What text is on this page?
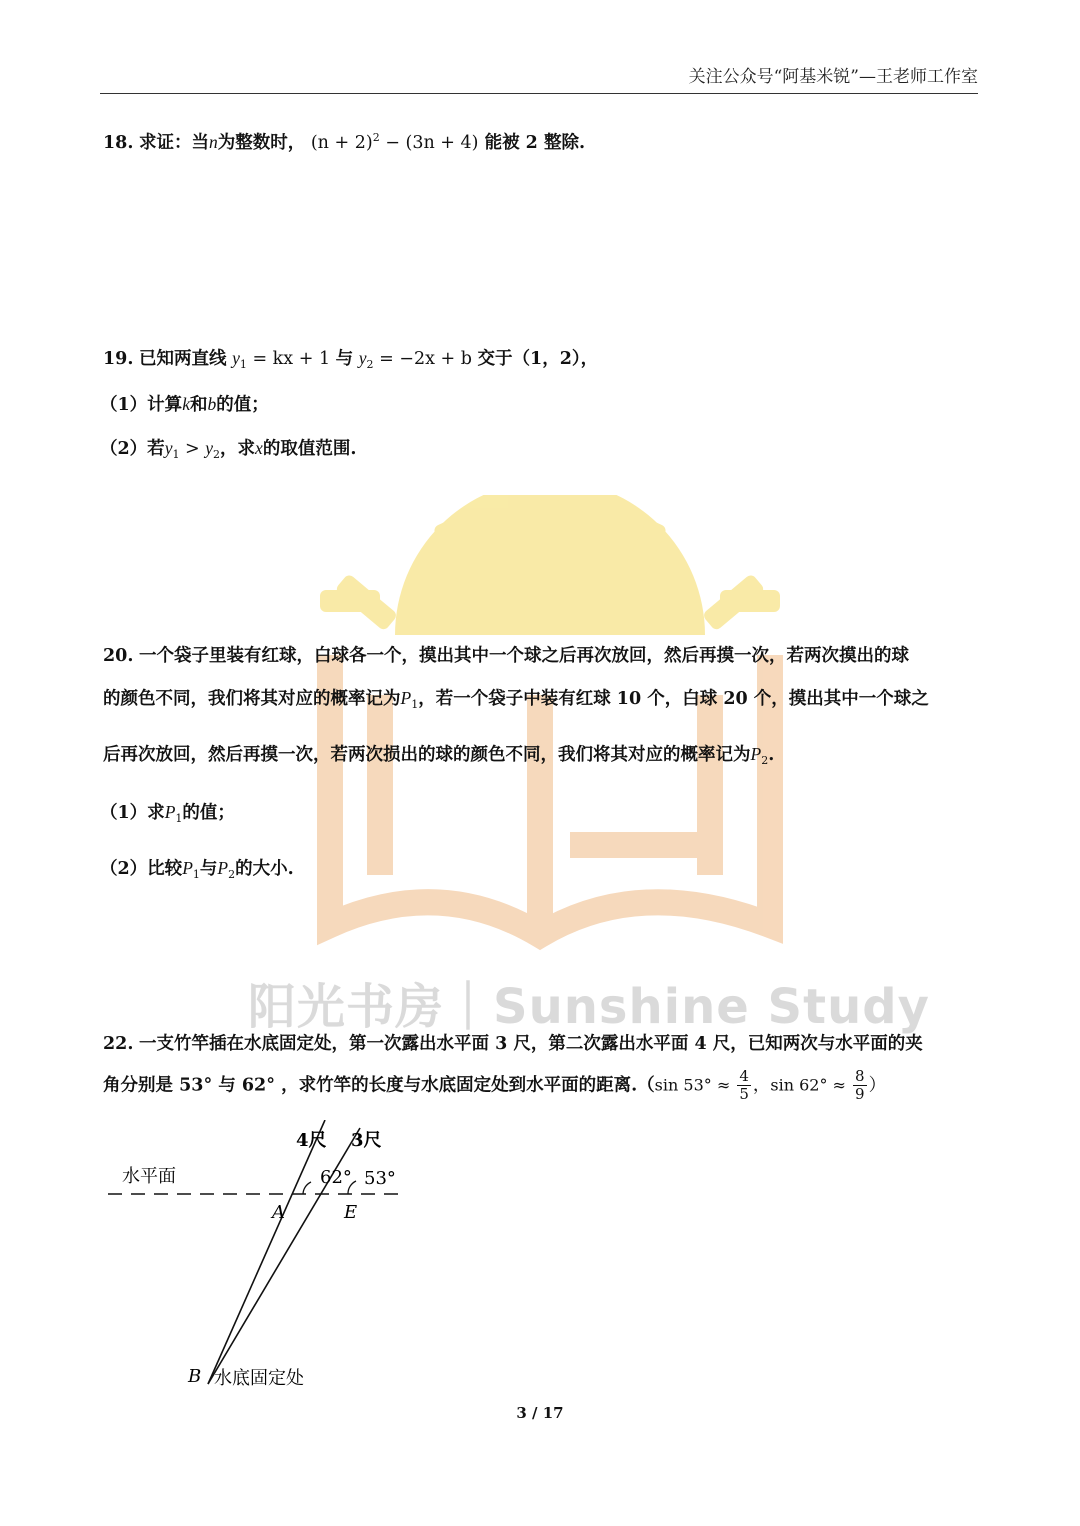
关注公众号“阿基米锐”—王老师工作室
阳光书房｜Sunshine Study
18. 求证：当n为整数时， $(n + 2)^2 - (3n + 4)$ 能被 2 整除.
19. 已知两直线 $y_1$ = kx + 1 与 $y_2 = -2x + b$ 交于（1，2），
（1）计算k和b的值；
（2）若$y_1 > y_2$，求x的取值范围.
20. 一个袋子里装有红球，白球各一个，摸出其中一个球之后再次放回，然后再摸一次，若两次摸出的球
的颜色不同，我们将其对应的概率记为$P_1$，若一个袋子中装有红球 10 个，白球 20 个，摸出其中一个球之
后再次放回，然后再摸一次，若两次损出的球的颜色不同，我们将其对应的概率记为$P_2$.
（1）求$P_1$的值；
（2）比较$P_1$与$P_2$的大小.
22. 一支竹竿插在水底固定处，第一次露出水平面 3 尺，第二次露出水平面 4 尺，已知两次与水平面的夹
角分别是 53° 与 62° ，求竹竿的长度与水底固定处到水平面的距离.（sin $53^\circ \approx \frac{4}{5}$ ，$\sin 62^\circ \approx \frac{8}{9}$ ）
4尺 3尺
水平面	62° 53°
A	E
B 水底固定处
3 / 17
